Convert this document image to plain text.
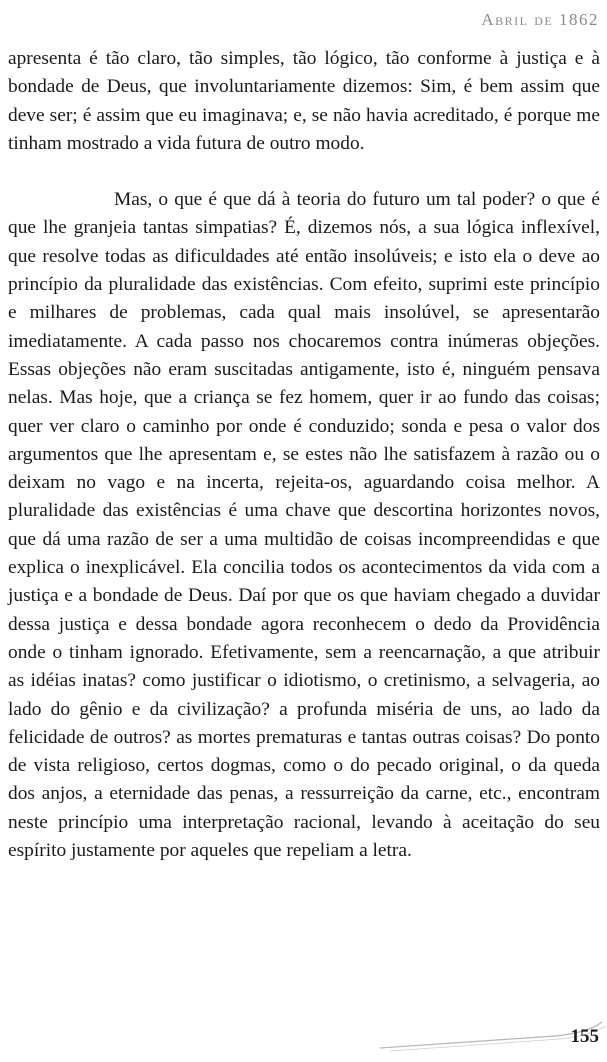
Abril de 1862

apresenta é tão claro, tão simples, tão lógico, tão conforme à justiça e à bondade de Deus, que involuntariamente dizemos: Sim, é bem assim que deve ser; é assim que eu imaginava; e, se não havia acreditado, é porque me tinham mostrado a vida futura de outro modo.

Mas, o que é que dá à teoria do futuro um tal poder? o que é que lhe granjeia tantas simpatias? É, dizemos nós, a sua lógica inflexível, que resolve todas as dificuldades até então insolúveis; e isto ela o deve ao princípio da pluralidade das existências. Com efeito, suprimi este princípio e milhares de problemas, cada qual mais insolúvel, se apresentarão imediatamente. A cada passo nos chocaremos contra inúmeras objeções. Essas objeções não eram suscitadas antigamente, isto é, ninguém pensava nelas. Mas hoje, que a criança se fez homem, quer ir ao fundo das coisas; quer ver claro o caminho por onde é conduzido; sonda e pesa o valor dos argumentos que lhe apresentam e, se estes não lhe satisfazem à razão ou o deixam no vago e na incerta, rejeita-os, aguardando coisa melhor. A pluralidade das existências é uma chave que descortina horizontes novos, que dá uma razão de ser a uma multidão de coisas incompreendidas e que explica o inexplicável. Ela concilia todos os acontecimentos da vida com a justiça e a bondade de Deus. Daí por que os que haviam chegado a duvidar dessa justiça e dessa bondade agora reconhecem o dedo da Providência onde o tinham ignorado. Efetivamente, sem a reencarnação, a que atribuir as idéias inatas? como justificar o idiotismo, o cretinismo, a selvageria, ao lado do gênio e da civilização? a profunda miséria de uns, ao lado da felicidade de outros? as mortes prematuras e tantas outras coisas? Do ponto de vista religioso, certos dogmas, como o do pecado original, o da queda dos anjos, a eternidade das penas, a ressurreição da carne, etc., encontram neste princípio uma interpretação racional, levando à aceitação do seu espírito justamente por aqueles que repeliam a letra.

155
